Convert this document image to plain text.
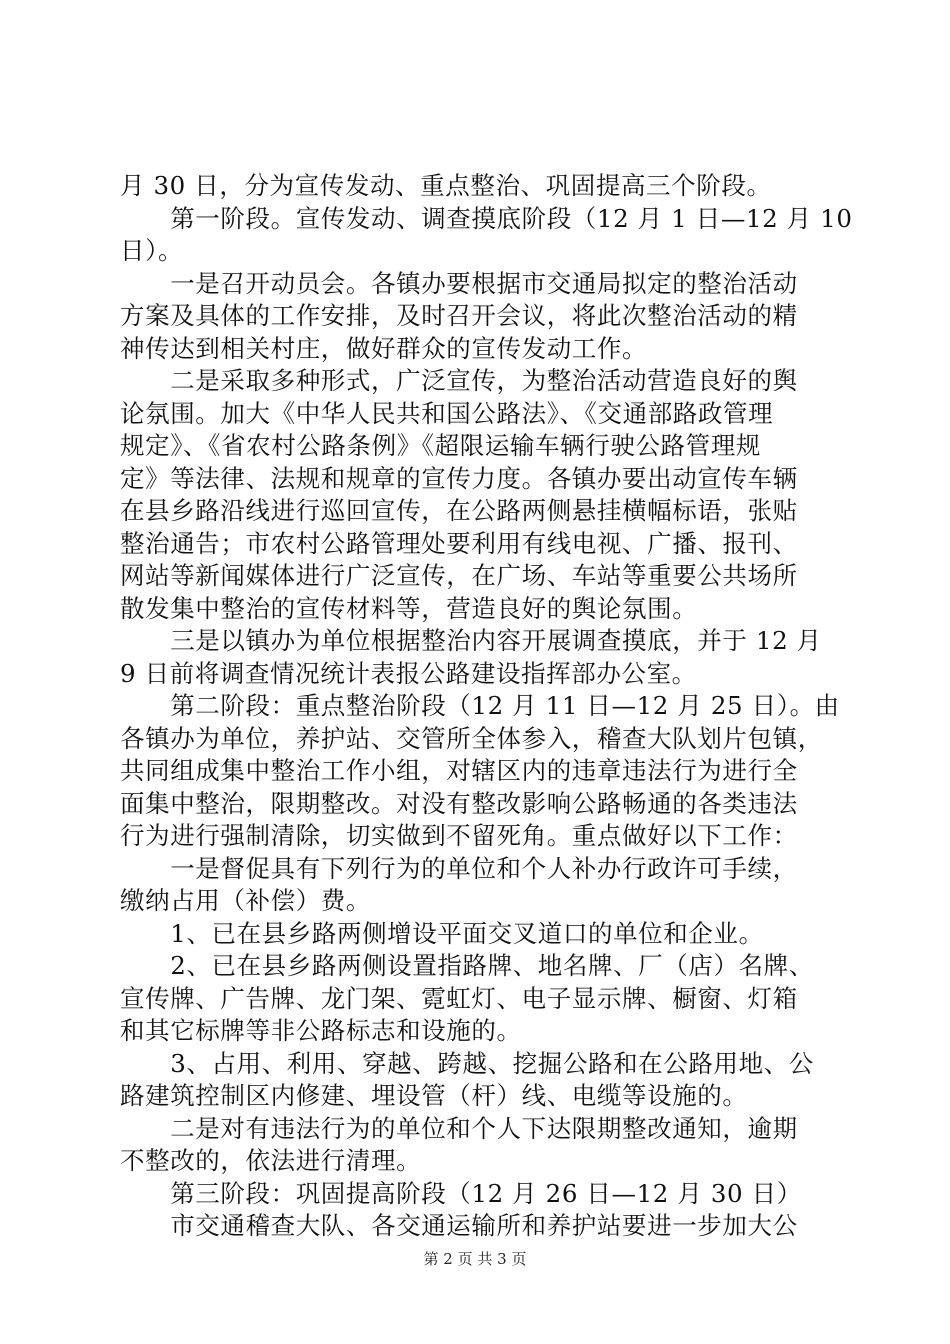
月 30 日，分为宣传发动、重点整治、巩固提高三个阶段。
　　第一阶段。宣传发动、调查摸底阶段（12 月 1 日—12 月 10
日）。
　　一是召开动员会。各镇办要根据市交通局拟定的整治活动
方案及具体的工作安排，及时召开会议，将此次整治活动的精
神传达到相关村庄，做好群众的宣传发动工作。
　　二是采取多种形式，广泛宣传，为整治活动营造良好的舆
论氛围。加大《中华人民共和国公路法》、《交通部路政管理
规定》、《省农村公路条例》《超限运输车辆行驶公路管理规
定》等法律、法规和规章的宣传力度。各镇办要出动宣传车辆
在县乡路沿线进行巡回宣传，在公路两侧悬挂横幅标语，张贴
整治通告；市农村公路管理处要利用有线电视、广播、报刊、
网站等新闻媒体进行广泛宣传，在广场、车站等重要公共场所
散发集中整治的宣传材料等，营造良好的舆论氛围。
　　三是以镇办为单位根据整治内容开展调查摸底，并于 12 月
9 日前将调查情况统计表报公路建设指挥部办公室。
　　第二阶段：重点整治阶段（12 月 11 日—12 月 25 日）。由
各镇办为单位，养护站、交管所全体参入，稽查大队划片包镇，
共同组成集中整治工作小组，对辖区内的违章违法行为进行全
面集中整治，限期整改。对没有整改影响公路畅通的各类违法
行为进行强制清除，切实做到不留死角。重点做好以下工作：
　　一是督促具有下列行为的单位和个人补办行政许可手续，
缴纳占用（补偿）费。
　　1、已在县乡路两侧增设平面交叉道口的单位和企业。
　　2、已在县乡路两侧设置指路牌、地名牌、厂（店）名牌、
宣传牌、广告牌、龙门架、霓虹灯、电子显示牌、橱窗、灯箱
和其它标牌等非公路标志和设施的。
　　3、占用、利用、穿越、跨越、挖掘公路和在公路用地、公
路建筑控制区内修建、埋设管（杆）线、电缆等设施的。
　　二是对有违法行为的单位和个人下达限期整改通知，逾期
不整改的，依法进行清理。
　　第三阶段：巩固提高阶段（12 月 26 日—12 月 30 日）
　　市交通稽查大队、各交通运输所和养护站要进一步加大公
第 2 页 共 3 页
